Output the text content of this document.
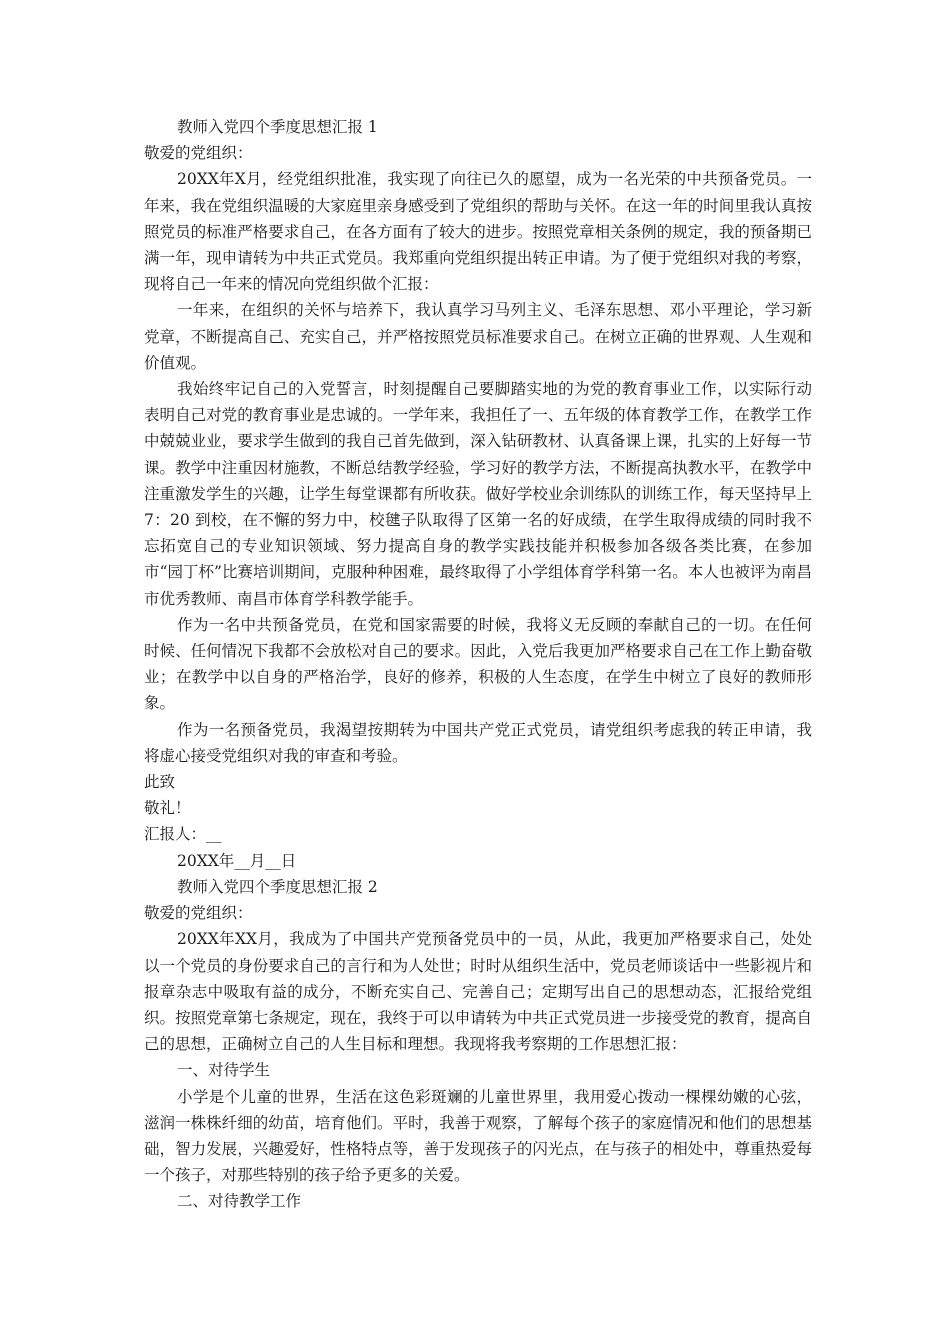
教师入党四个季度思想汇报 1
敬爱的党组织：

20XX年X月，经党组织批准，我实现了向往已久的愿望，成为一名光荣的中共预备党员。一年来，我在党组织温暖的大家庭里亲身感受到了党组织的帮助与关怀。在这一年的时间里我认真按照党员的标准严格要求自己，在各方面有了较大的进步。按照党章相关条例的规定，我的预备期已满一年，现申请转为中共正式党员。我郑重向党组织提出转正申请。为了便于党组织对我的考察，现将自己一年来的情况向党组织做个汇报：

一年来，在组织的关怀与培养下，我认真学习马列主义、毛泽东思想、邓小平理论，学习新党章，不断提高自己、充实自己，并严格按照党员标准要求自己。在树立正确的世界观、人生观和价值观。

我始终牢记自己的入党誓言，时刻提醒自己要脚踏实地的为党的教育事业工作，以实际行动表明自己对党的教育事业是忠诚的。一学年来，我担任了一、五年级的体育教学工作，在教学工作中兢兢业业，要求学生做到的我自己首先做到，深入钻研教材、认真备课上课，扎实的上好每一节课。教学中注重因材施教，不断总结教学经验，学习好的教学方法，不断提高执教水平，在教学中注重激发学生的兴趣，让学生每堂课都有所收获。做好学校业余训练队的训练工作，每天坚持早上 7：20 到校，在不懈的努力中，校毽子队取得了区第一名的好成绩，在学生取得成绩的同时我不忘拓宽自己的专业知识领域、努力提高自身的教学实践技能并积极参加各级各类比赛，在参加市“园丁杯”比赛培训期间，克服种种困难，最终取得了小学组体育学科第一名。本人也被评为南昌市优秀教师、南昌市体育学科教学能手。

作为一名中共预备党员，在党和国家需要的时候，我将义无反顾的奉献自己的一切。在任何时候、任何情况下我都不会放松对自己的要求。因此，入党后我更加严格要求自己在工作上勤奋敬业；在教学中以自身的严格治学，良好的修养，积极的人生态度，在学生中树立了良好的教师形象。

作为一名预备党员，我渴望按期转为中国共产党正式党员，请党组织考虑我的转正申请，我将虚心接受党组织对我的审查和考验。

此致
敬礼！
汇报人：__
20XX年__月__日
教师入党四个季度思想汇报 2
敬爱的党组织：

20XX年XX月，我成为了中国共产党预备党员中的一员，从此，我更加严格要求自己，处处以一个党员的身份要求自己的言行和为人处世；时时从组织生活中，党员老师谈话中一些影视片和报章杂志中吸取有益的成分，不断充实自己、完善自己；定期写出自己的思想动态，汇报给党组织。按照党章第七条规定，现在，我终于可以申请转为中共正式党员进一步接受党的教育，提高自己的思想，正确树立自己的人生目标和理想。我现将我考察期的工作思想汇报：

一、对待学生

小学是个儿童的世界，生活在这色彩斑斓的儿童世界里，我用爱心拨动一棵棵幼嫩的心弦，滋润一株株纤细的幼苗，培育他们。平时，我善于观察，了解每个孩子的家庭情况和他们的思想基础，智力发展，兴趣爱好，性格特点等，善于发现孩子的闪光点，在与孩子的相处中，尊重热爱每一个孩子，对那些特别的孩子给予更多的关爱。

二、对待教学工作
